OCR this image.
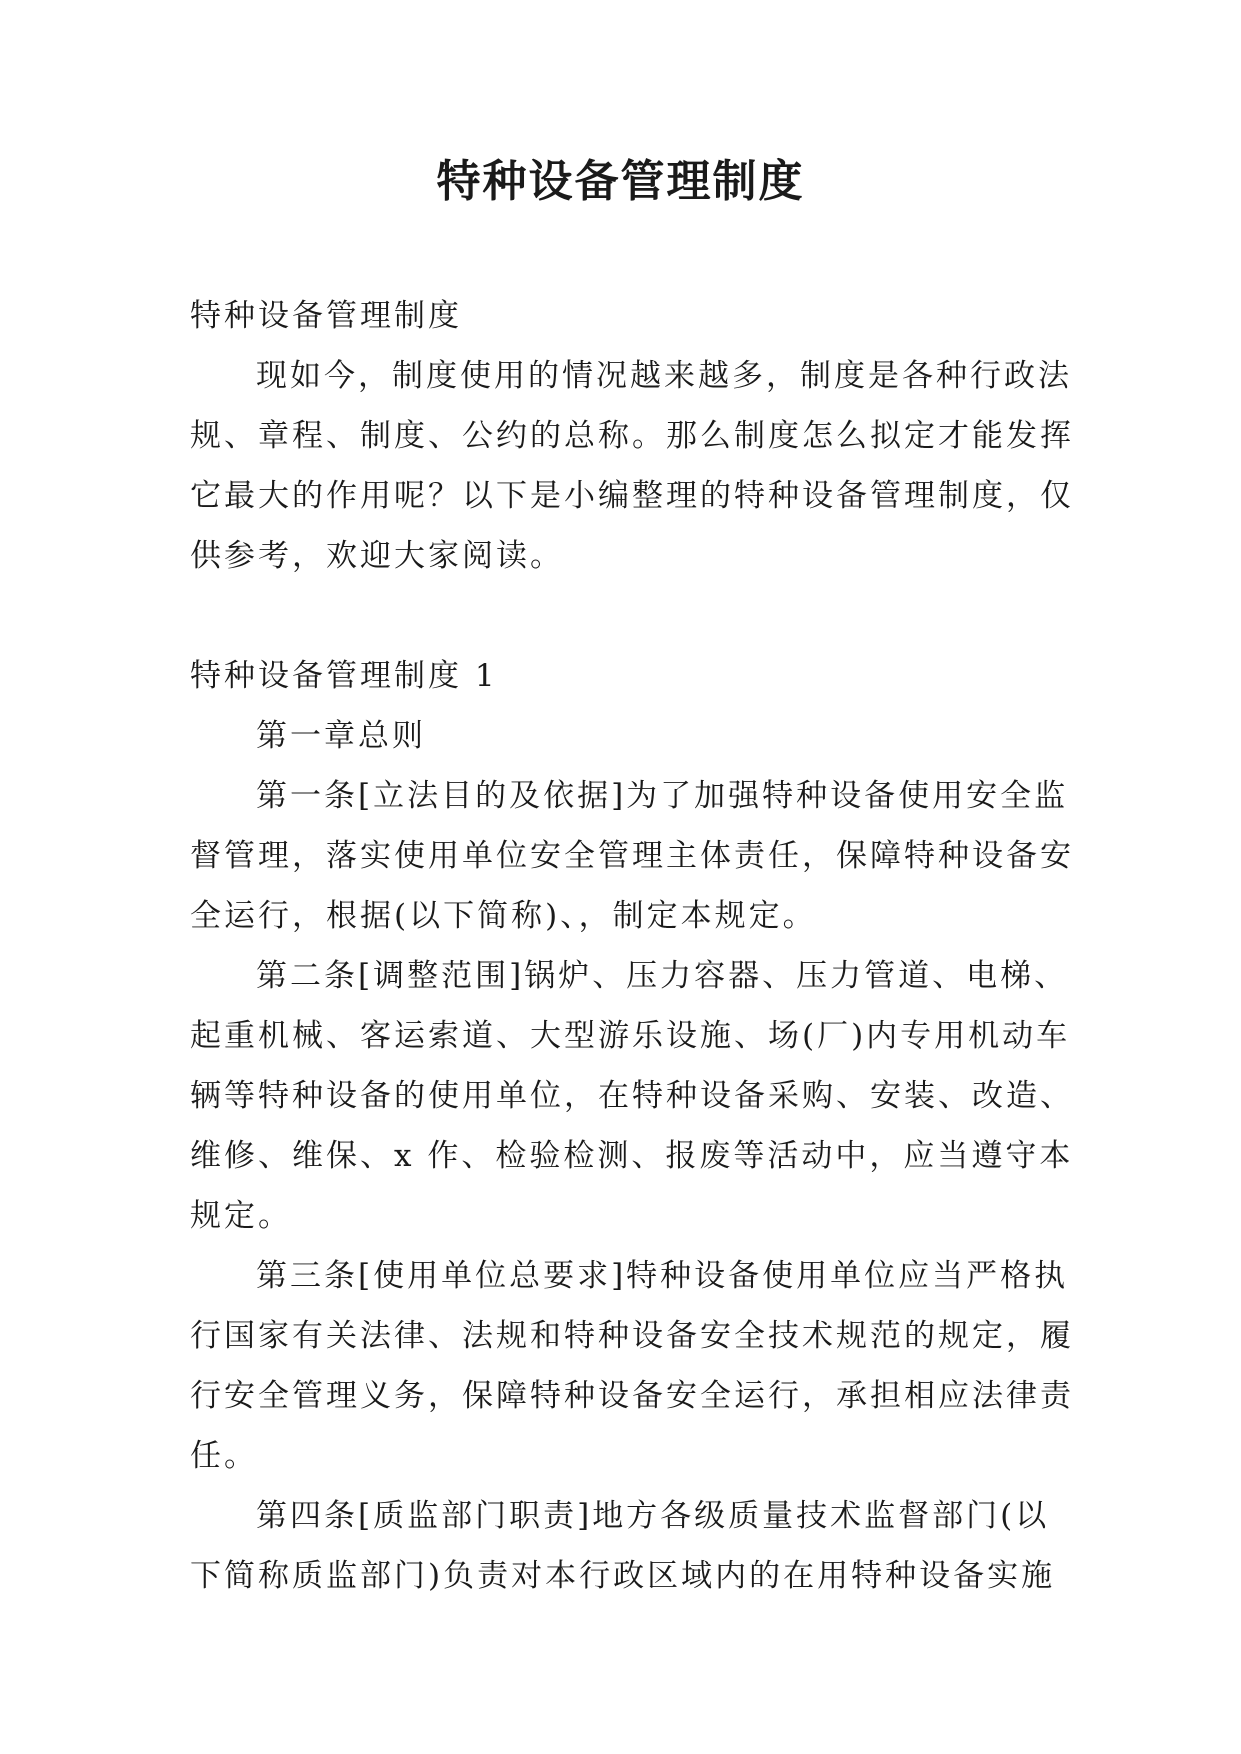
特种设备管理制度
特种设备管理制度
现如今，制度使用的情况越来越多，制度是各种行政法
规、章程、制度、公约的总称。那么制度怎么拟定才能发挥
它最大的作用呢？以下是小编整理的特种设备管理制度，仅
供参考，欢迎大家阅读。
特种设备管理制度 1
第一章总则
第一条[立法目的及依据]为了加强特种设备使用安全监
督管理，落实使用单位安全管理主体责任，保障特种设备安
全运行，根据(以下简称)、，制定本规定。
第二条[调整范围]锅炉、压力容器、压力管道、电梯、
起重机械、客运索道、大型游乐设施、场(厂)内专用机动车
辆等特种设备的使用单位，在特种设备采购、安装、改造、
维修、维保、x 作、检验检测、报废等活动中，应当遵守本
规定。
第三条[使用单位总要求]特种设备使用单位应当严格执
行国家有关法律、法规和特种设备安全技术规范的规定，履
行安全管理义务，保障特种设备安全运行，承担相应法律责
任。
第四条[质监部门职责]地方各级质量技术监督部门(以
下简称质监部门)负责对本行政区域内的在用特种设备实施
